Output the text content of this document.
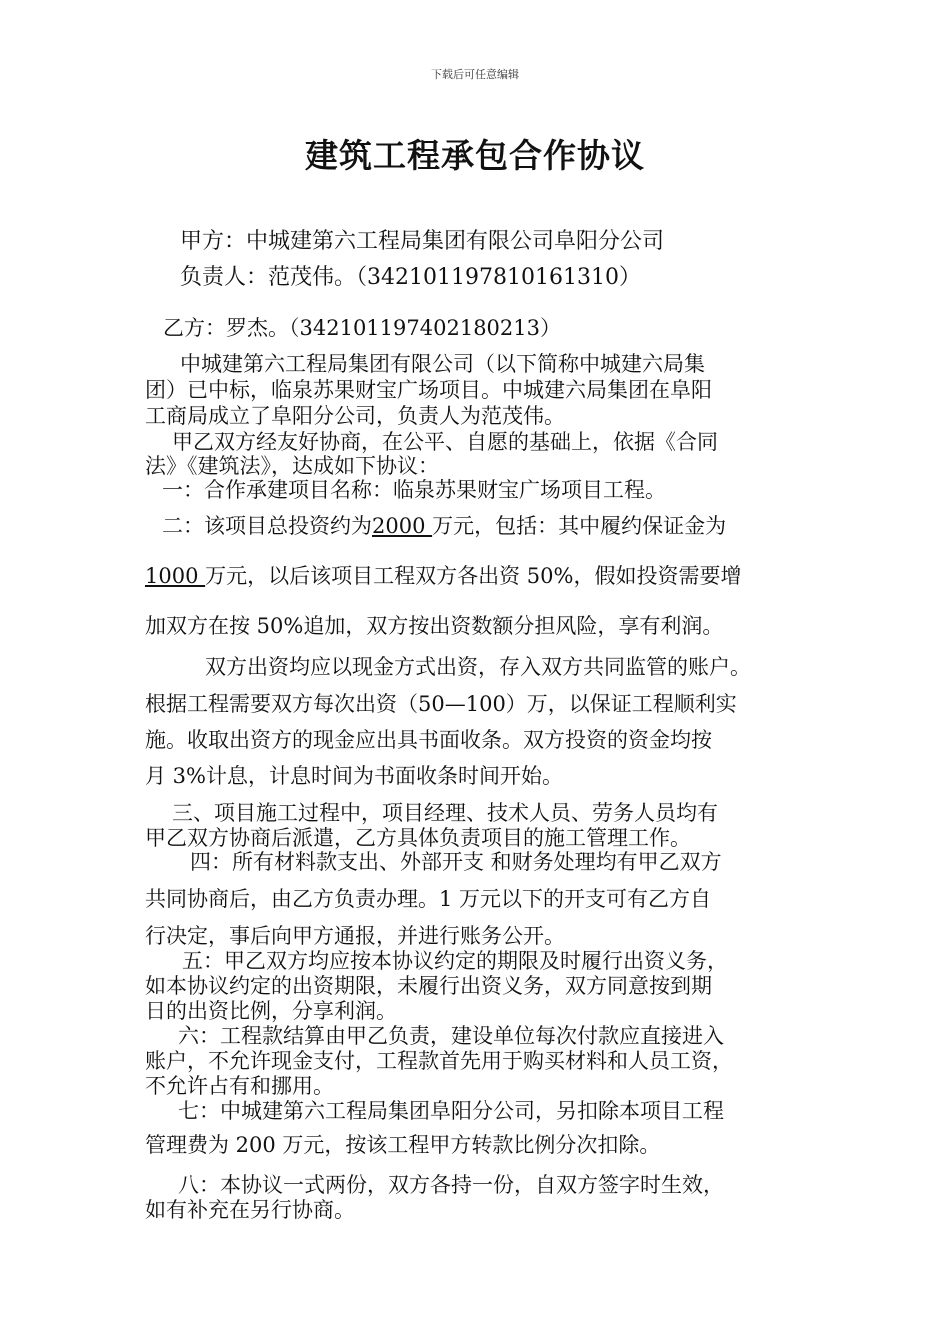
下载后可任意编辑
建筑工程承包合作协议
甲方：中城建第六工程局集团有限公司阜阳分公司
负责人：范茂伟。（342101197810161310）
乙方：罗杰。（342101197402180213）
中城建第六工程局集团有限公司（以下简称中城建六局集
团）已中标，临泉苏果财宝广场项目。中城建六局集团在阜阳
工商局成立了阜阳分公司，负责人为范茂伟。
甲乙双方经友好协商，在公平、自愿的基础上，依据《合同
法》《建筑法》，达成如下协议：
一：合作承建项目名称：临泉苏果财宝广场项目工程。
二：该项目总投资约为2000 万元，包括：其中履约保证金为
1000 万元，以后该项目工程双方各出资 50%，假如投资需要增
加双方在按 50%追加，双方按出资数额分担风险，享有利润。
双方出资均应以现金方式出资，存入双方共同监管的账户。
根据工程需要双方每次出资（50—100）万，以保证工程顺利实
施。收取出资方的现金应出具书面收条。双方投资的资金均按
月 3%计息，计息时间为书面收条时间开始。
三、项目施工过程中，项目经理、技术人员、劳务人员均有
甲乙双方协商后派遣，乙方具体负责项目的施工管理工作。
四：所有材料款支出、外部开支 和财务处理均有甲乙双方
共同协商后，由乙方负责办理。1 万元以下的开支可有乙方自
行决定，事后向甲方通报，并进行账务公开。
五：甲乙双方均应按本协议约定的期限及时履行出资义务，
如本协议约定的出资期限，未履行出资义务，双方同意按到期
日的出资比例，分享利润。
六：工程款结算由甲乙负责，建设单位每次付款应直接进入
账户，不允许现金支付，工程款首先用于购买材料和人员工资，
不允许占有和挪用。
七：中城建第六工程局集团阜阳分公司，另扣除本项目工程
管理费为 200 万元，按该工程甲方转款比例分次扣除。
八：本协议一式两份，双方各持一份，自双方签字时生效，
如有补充在另行协商。
